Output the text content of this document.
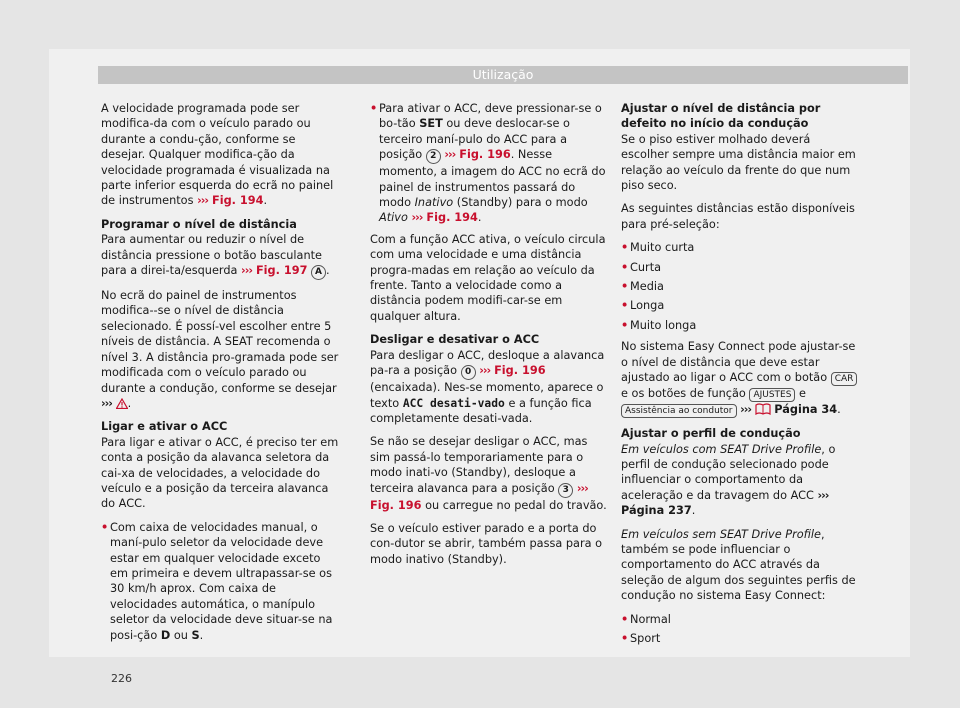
Utilização

A velocidade programada pode ser modifica-da com o veículo parado ou durante a condu-ção, conforme se desejar. Qualquer modifica-ção da velocidade programada é visualizada na parte inferior esquerda do ecrã no painel de instrumentos ››› Fig. 194.

Programar o nível de distância

Para aumentar ou reduzir o nível de distância pressione o botão basculante para a direi-ta/esquerda ››› Fig. 197 A .

No ecrã do painel de instrumentos modifica--se o nível de distância selecionado. É possí-vel escolher entre 5 níveis de distância. A SEAT recomenda o nível 3. A distância pro-gramada pode ser modificada com o veículo parado ou durante a condução, conforme se desejar ››› .

Ligar e ativar o ACC

Para ligar e ativar o ACC, é preciso ter em conta a posição da alavanca seletora da cai-xa de velocidades, a velocidade do veículo e a posição da terceira alavanca do ACC.

• Com caixa de velocidades manual, o maní-pulo seletor da velocidade deve estar em qualquer velocidade exceto em primeira e devem ultrapassar-se os 30 km/h aprox. Com caixa de velocidades automática, o manípulo seletor da velocidade deve situar-se na posi-ção D ou S.
226
• Para ativar o ACC, deve pressionar-se o bo-tão SET ou deve deslocar-se o terceiro maní-pulo do ACC para a posição 2 ››› Fig. 196. Nesse momento, a imagem do ACC no ecrã do painel de instrumentos passará do modo Inativo (Standby) para o modo Ativo ››› Fig. 194.

Com a função ACC ativa, o veículo circula com uma velocidade e uma distância progra-madas em relação ao veículo da frente. Tanto a velocidade como a distância podem modifi-car-se em qualquer altura.

Desligar e desativar o ACC

Para desligar o ACC, desloque a alavanca pa-ra a posição 0 ››› Fig. 196 (encaixada). Nes-se momento, aparece o texto ACC desati-vado e a função fica completamente desati-vada.

Se não se desejar desligar o ACC, mas sim passá-lo temporariamente para o modo inati-vo (Standby), desloque a terceira alavanca para a posição 3 ››› Fig. 196 ou carregue no pedal do travão.

Se o veículo estiver parado e a porta do con-dutor se abrir, também passa para o modo inativo (Standby).

Ajustar o nível de distância por defeito no início da condução

Se o piso estiver molhado deverá escolher sempre uma distância maior em relação ao veículo da frente do que num piso seco.

As seguintes distâncias estão disponíveis para pré-seleção:

• Muito curta
• Curta
• Media
• Longa
• Muito longa

No sistema Easy Connect pode ajustar-se o nível de distância que deve estar ajustado ao ligar o ACC com o botão CAR e os botões de função AJUSTES e Assistência ao condutor ››› Página 34.

Ajustar o perfil de condução

Em veículos com SEAT Drive Profile, o perfil de condução selecionado pode influenciar o comportamento da aceleração e da travagem do ACC ››› Página 237.

Em veículos sem SEAT Drive Profile, também se pode influenciar o comportamento do ACC através da seleção de algum dos seguintes perfis de condução no sistema Easy Connect:

• Normal
• Sport
